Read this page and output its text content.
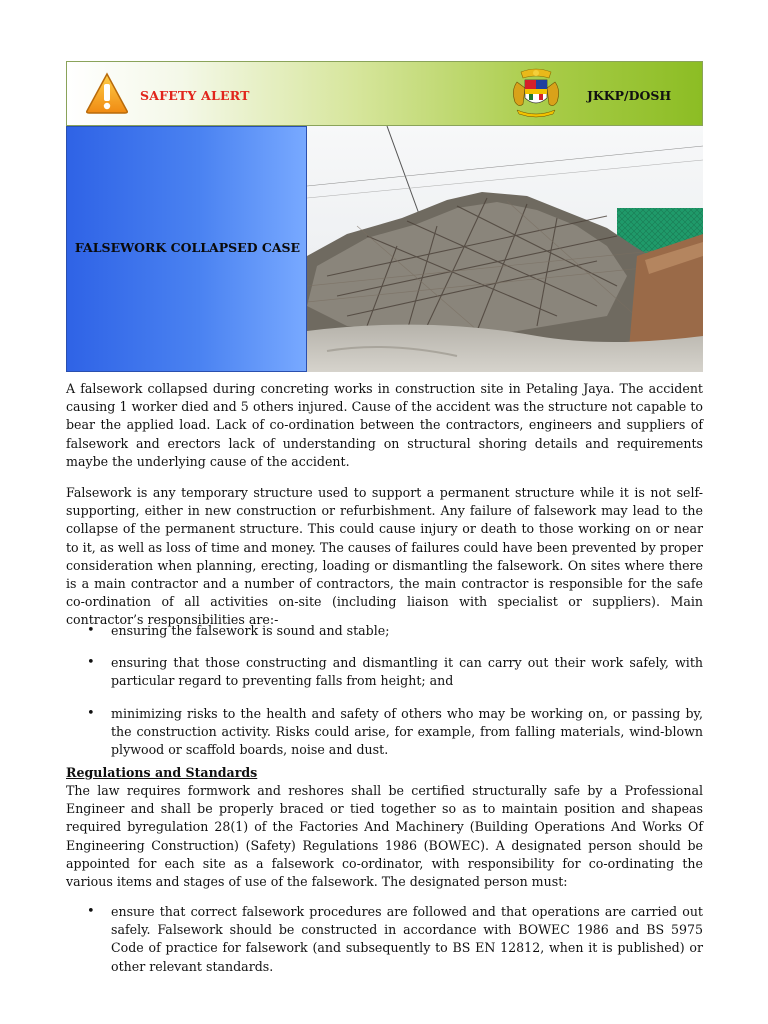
SAFETY ALERT	JKKP/DOSH
FALSEWORK COLLAPSED CASE
A falsework collapsed during concreting works in construction site in Petaling Jaya. The accident causing 1 worker died and 5 others injured. Cause of the accident was the structure not capable to bear the applied load. Lack of co-ordination between the contractors, engineers and suppliers of falsework and erectors lack of understanding on structural shoring details and requirements maybe the underlying cause of the accident.
Falsework is any temporary structure used to support a permanent structure while it is not self-supporting, either in new construction or refurbishment. Any failure of falsework may lead to the collapse of the permanent structure. This could cause injury or death to those working on or near to it, as well as loss of time and money. The causes of failures could have been prevented by proper consideration when planning, erecting, loading or dismantling the falsework. On sites where there is a main contractor and a number of contractors, the main contractor is responsible for the safe co-ordination of all activities on-site (including liaison with specialist or suppliers). Main contractor’s responsibilities are:-
• ensuring the falsework is sound and stable;
• ensuring that those constructing and dismantling it can carry out their work safely, with particular regard to preventing falls from height; and
• minimizing risks to the health and safety of others who may be working on, or passing by, the construction activity. Risks could arise, for example, from falling materials, wind-blown plywood or scaffold boards, noise and dust.
Regulations and Standards
The law requires formwork and reshores shall be certified structurally safe by a Professional Engineer and shall be properly braced or tied together so as to maintain position and shapeas required byregulation 28(1) of the Factories And Machinery (Building Operations And Works Of Engineering Construction) (Safety) Regulations 1986 (BOWEC). A designated person should be appointed for each site as a falsework co-ordinator, with responsibility for co-ordinating the various items and stages of use of the falsework. The designated person must:
• ensure that correct falsework procedures are followed and that operations are carried out safely. Falsework should be constructed in accordance with BOWEC 1986 and BS 5975 Code of practice for falsework (and subsequently to BS EN 12812, when it is published) or other relevant standards.
